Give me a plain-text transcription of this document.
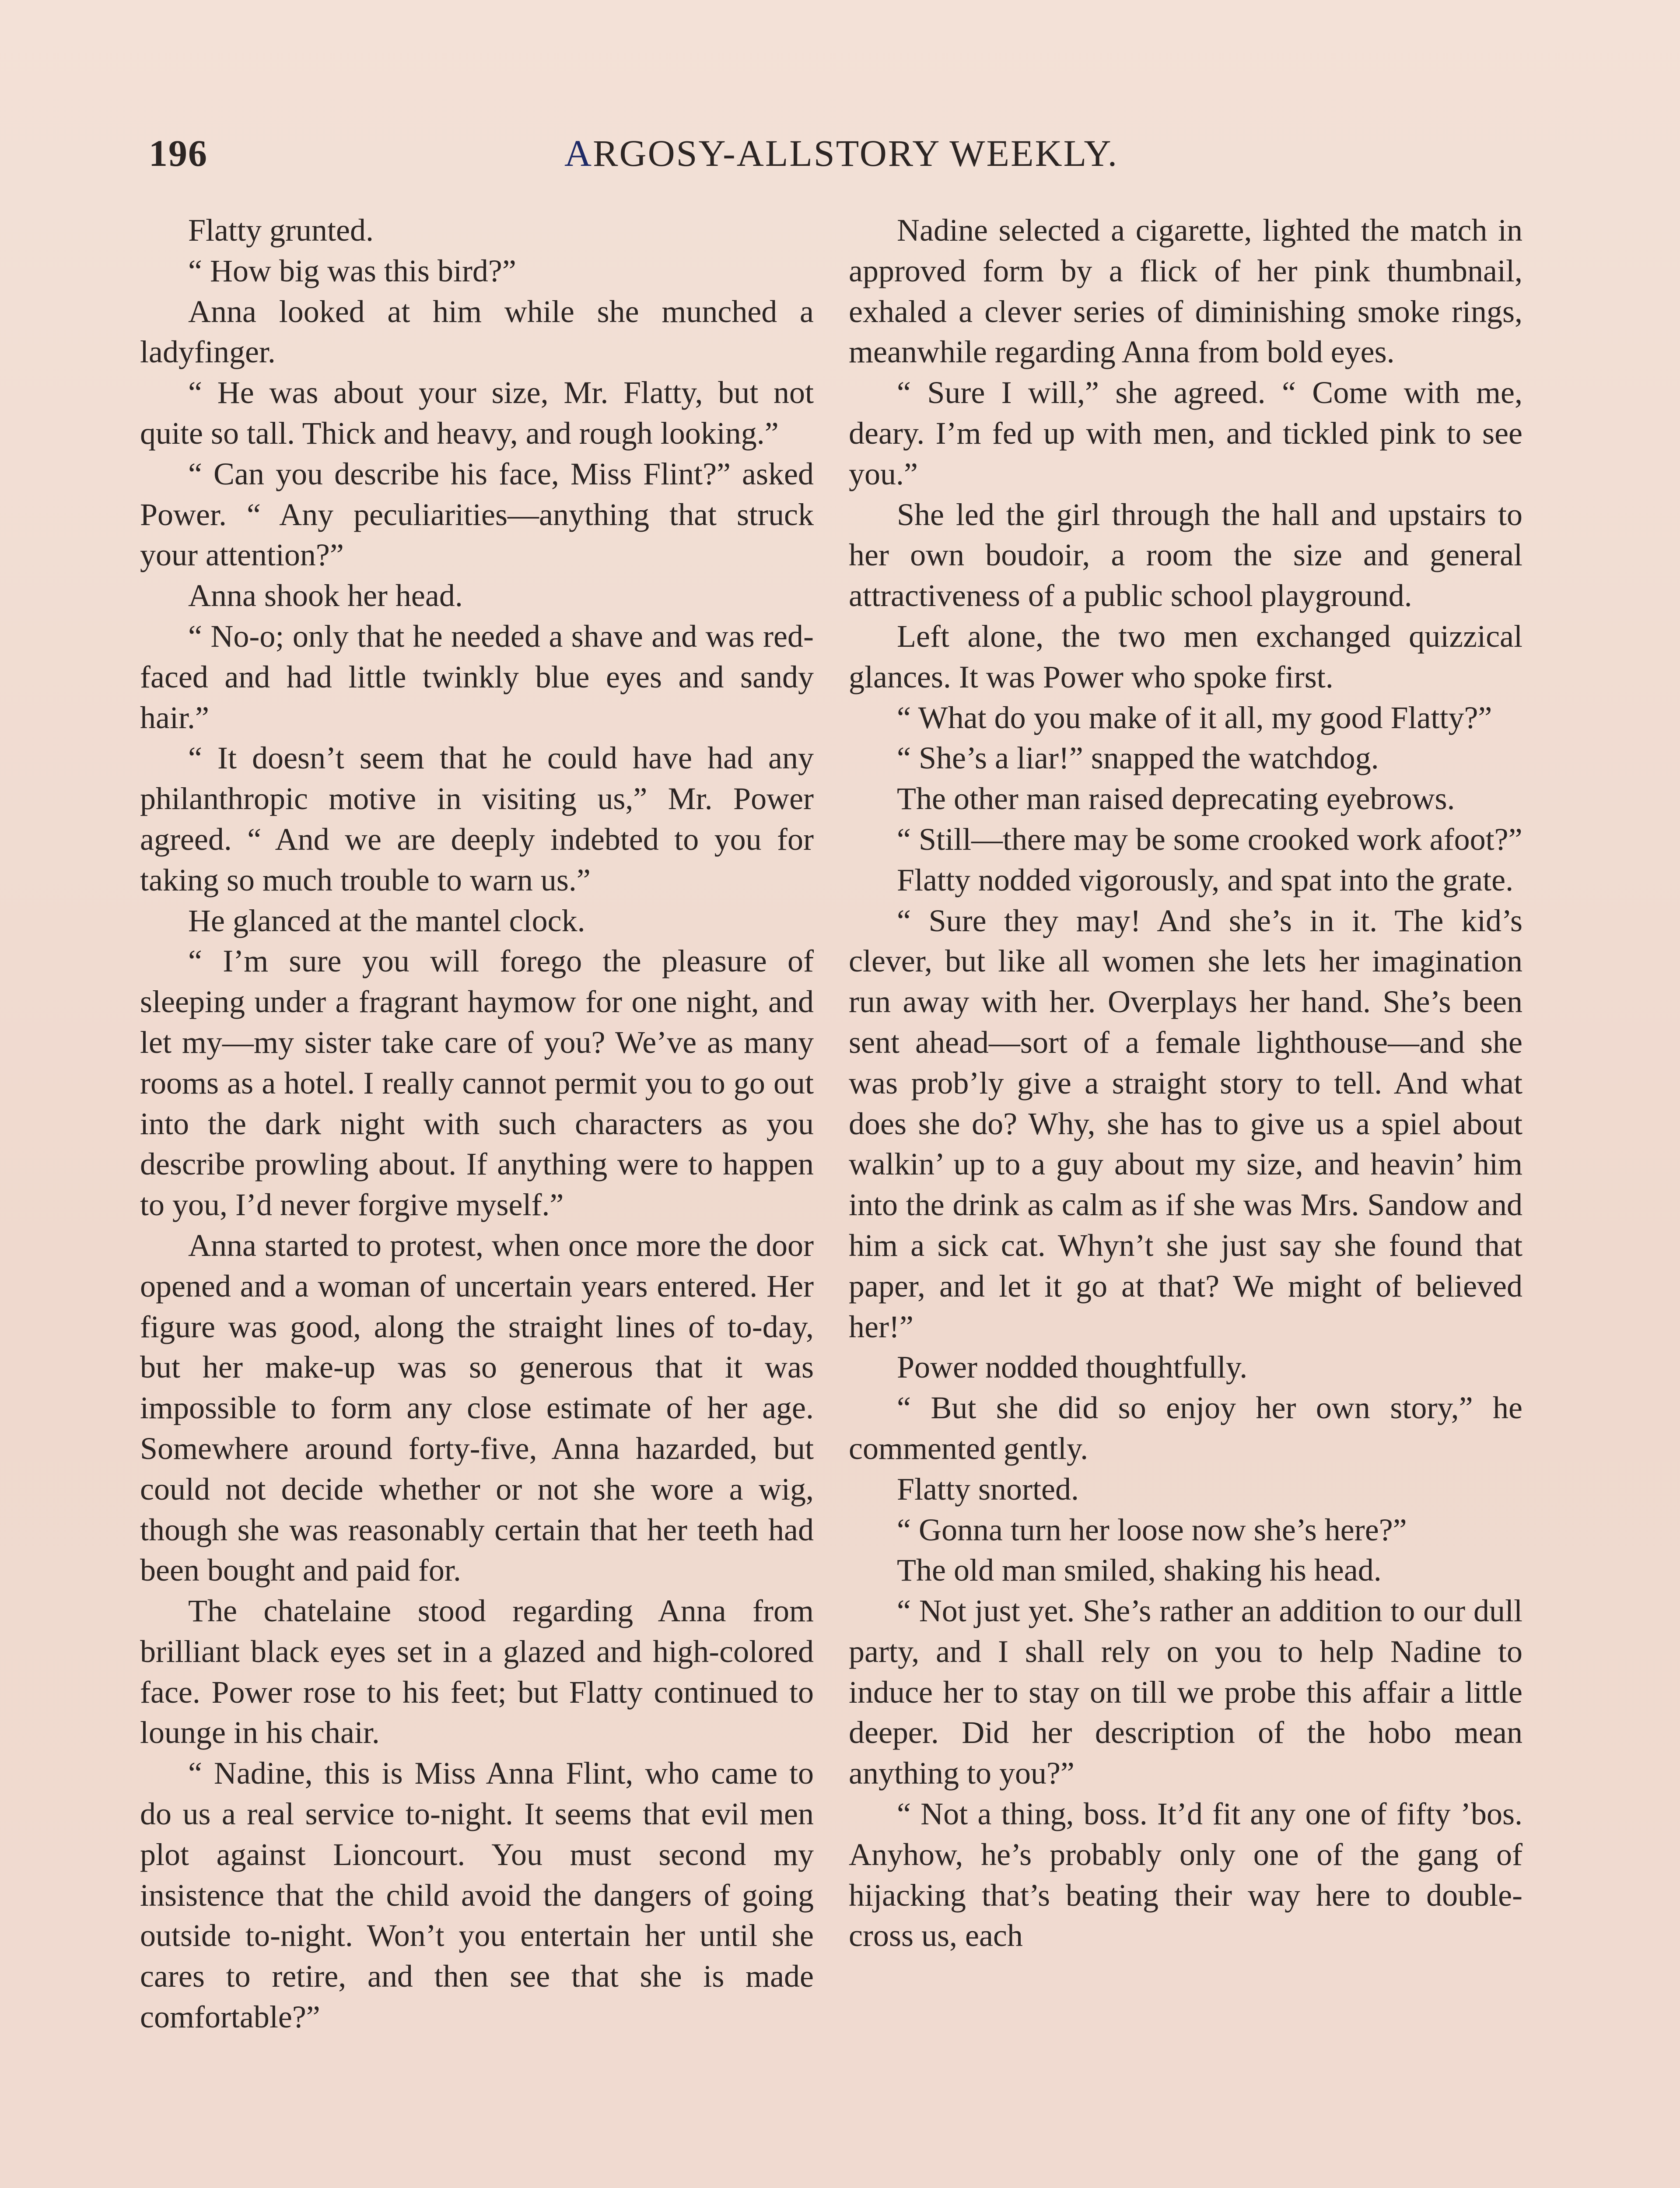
196	ARGOSY-ALLSTORY WEEKLY.

Flatty grunted.

“ How big was this bird?”

Anna looked at him while she munched a ladyfinger.

“ He was about your size, Mr. Flatty, but not quite so tall. Thick and heavy, and rough looking.”

“ Can you describe his face, Miss Flint?” asked Power. “ Any peculiarities—anything that struck your attention?”

Anna shook her head.

“ No-o; only that he needed a shave and was red-faced and had little twinkly blue eyes and sandy hair.”

“ It doesn’t seem that he could have had any philanthropic motive in visiting us,” Mr. Power agreed. “ And we are deeply indebted to you for taking so much trouble to warn us.”

He glanced at the mantel clock.

“ I’m sure you will forego the pleasure of sleeping under a fragrant haymow for one night, and let my—my sister take care of you? We’ve as many rooms as a hotel. I really cannot permit you to go out into the dark night with such characters as you describe prowling about. If anything were to happen to you, I’d never forgive myself.”

Anna started to protest, when once more the door opened and a woman of uncertain years entered. Her figure was good, along the straight lines of to-day, but her make-up was so generous that it was impossible to form any close estimate of her age. Somewhere around forty-five, Anna hazarded, but could not decide whether or not she wore a wig, though she was reasonably certain that her teeth had been bought and paid for.

The chatelaine stood regarding Anna from brilliant black eyes set in a glazed and high-colored face. Power rose to his feet; but Flatty continued to lounge in his chair.

“ Nadine, this is Miss Anna Flint, who came to do us a real service to-night. It seems that evil men plot against Lioncourt. You must second my insistence that the child avoid the dangers of going outside to-night. Won’t you entertain her until she cares to retire, and then see that she is made comfortable?”

Nadine selected a cigarette, lighted the match in approved form by a flick of her pink thumbnail, exhaled a clever series of diminishing smoke rings, meanwhile regarding Anna from bold eyes.

“ Sure I will,” she agreed. “ Come with me, deary. I’m fed up with men, and tickled pink to see you.”

She led the girl through the hall and upstairs to her own boudoir, a room the size and general attractiveness of a public school playground.

Left alone, the two men exchanged quizzical glances. It was Power who spoke first.

“ What do you make of it all, my good Flatty?”

“ She’s a liar!” snapped the watchdog.

The other man raised deprecating eyebrows.

“ Still—there may be some crooked work afoot?”

Flatty nodded vigorously, and spat into the grate.

“ Sure they may! And she’s in it. The kid’s clever, but like all women she lets her imagination run away with her. Overplays her hand. She’s been sent ahead—sort of a female lighthouse—and she was prob’ly give a straight story to tell. And what does she do? Why, she has to give us a spiel about walkin’ up to a guy about my size, and heavin’ him into the drink as calm as if she was Mrs. Sandow and him a sick cat. Whyn’t she just say she found that paper, and let it go at that? We might of believed her!”

Power nodded thoughtfully.

“ But she did so enjoy her own story,” he commented gently.

Flatty snorted.

“ Gonna turn her loose now she’s here?”

The old man smiled, shaking his head.

“ Not just yet. She’s rather an addition to our dull party, and I shall rely on you to help Nadine to induce her to stay on till we probe this affair a little deeper. Did her description of the hobo mean anything to you?”

“ Not a thing, boss. It’d fit any one of fifty ’bos. Anyhow, he’s probably only one of the gang of hijacking that’s beating their way here to double-cross us, each
